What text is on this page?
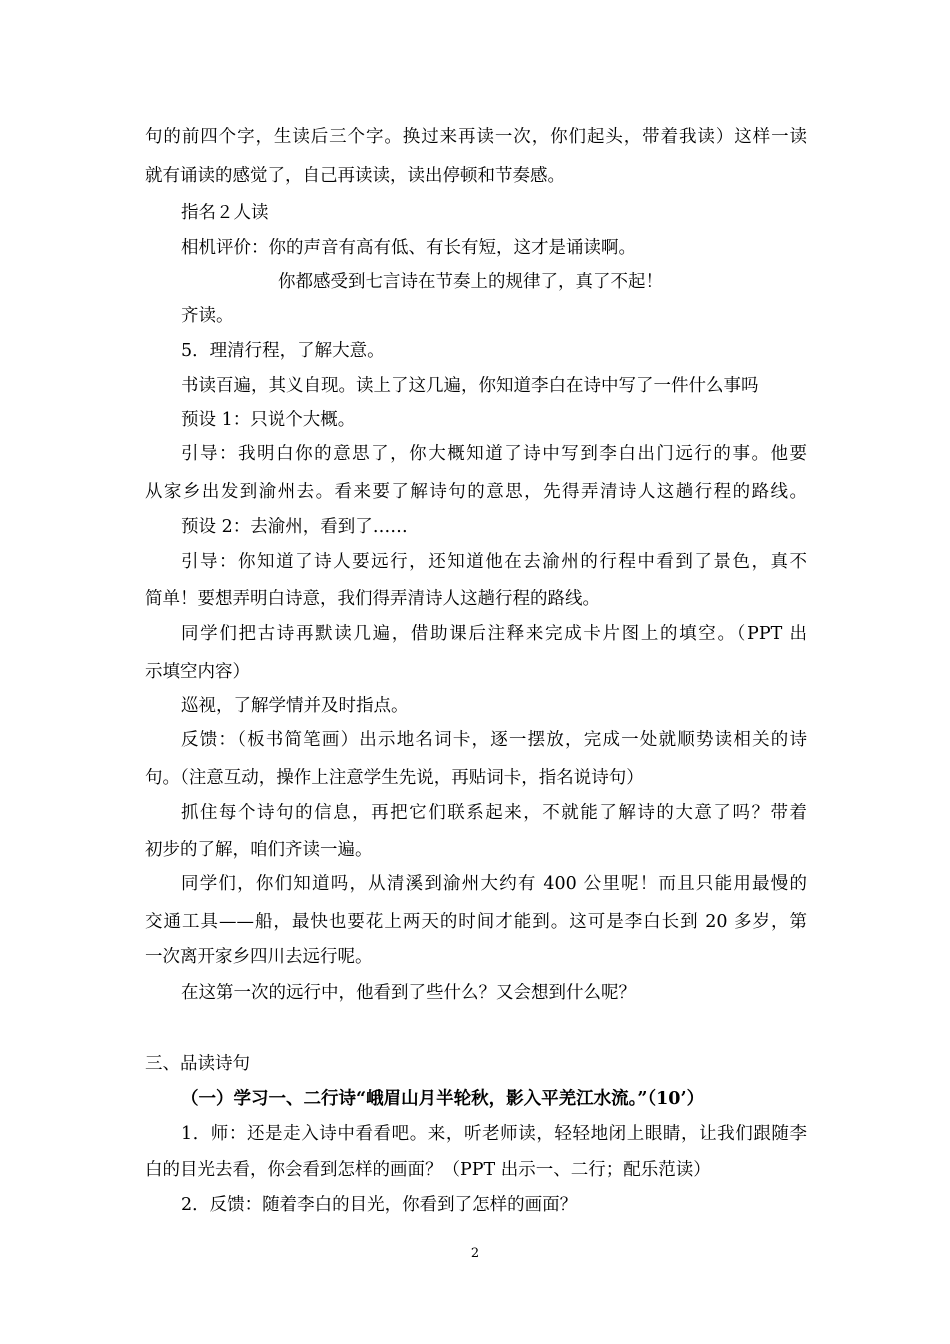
句的前四个字，生读后三个字。换过来再读一次，你们起头，带着我读）这样一读
就有诵读的感觉了，自己再读读，读出停顿和节奏感。
指名２人读
相机评价：你的声音有高有低、有长有短，这才是诵读啊。
你都感受到七言诗在节奏上的规律了，真了不起！
齐读。
5．理清行程，了解大意。
书读百遍，其义自现。读上了这几遍，你知道李白在诗中写了一件什么事吗
预设 1：只说个大概。
引导：我明白你的意思了，你大概知道了诗中写到李白出门远行的事。他要
从家乡出发到渝州去。看来要了解诗句的意思，先得弄清诗人这趟行程的路线。
预设 2：去渝州，看到了……
引导：你知道了诗人要远行，还知道他在去渝州的行程中看到了景色，真不
简单！要想弄明白诗意，我们得弄清诗人这趟行程的路线。
同学们把古诗再默读几遍，借助课后注释来完成卡片图上的填空。（PPT 出
示填空内容）
巡视，了解学情并及时指点。
反馈：（板书简笔画）出示地名词卡，逐一摆放，完成一处就顺势读相关的诗
句。（注意互动，操作上注意学生先说，再贴词卡，指名说诗句）
抓住每个诗句的信息，再把它们联系起来，不就能了解诗的大意了吗？带着
初步的了解，咱们齐读一遍。
同学们，你们知道吗，从清溪到渝州大约有 400 公里呢！而且只能用最慢的
交通工具——船，最快也要花上两天的时间才能到。这可是李白长到 20 多岁，第
一次离开家乡四川去远行呢。
在这第一次的远行中，他看到了些什么？又会想到什么呢？
三、品读诗句
（一）学习一、二行诗“峨眉山月半轮秋，影入平羌江水流。”（10’）
1．师：还是走入诗中看看吧。来，听老师读，轻轻地闭上眼睛，让我们跟随李
白的目光去看，你会看到怎样的画面？（PPT 出示一、二行；配乐范读）
2．反馈：随着李白的目光，你看到了怎样的画面？
2
